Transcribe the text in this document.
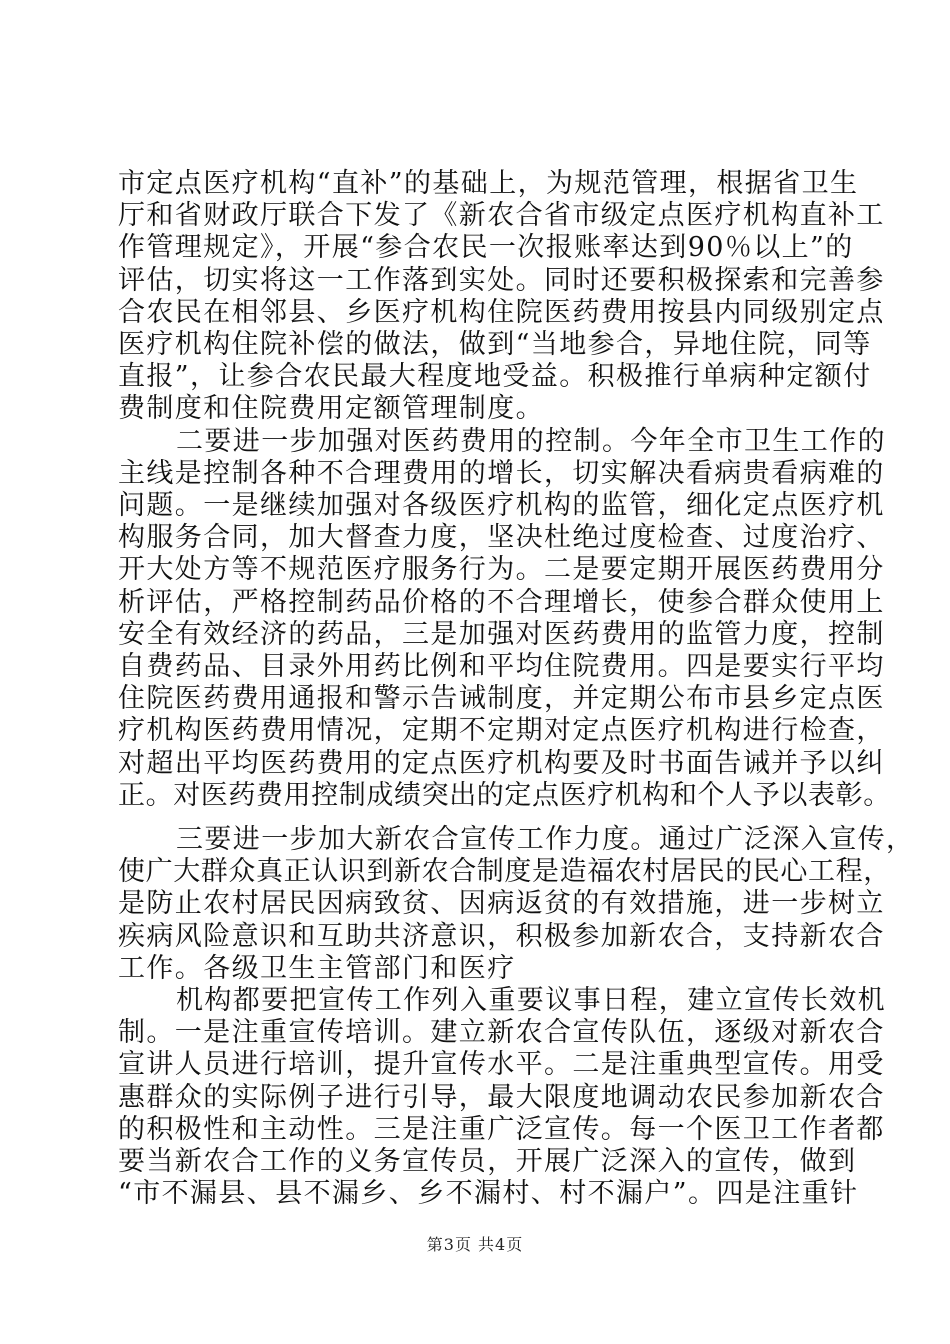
市定点医疗机构“直补”的基础上，为规范管理，根据省卫生
厅和省财政厅联合下发了《新农合省市级定点医疗机构直补工
作管理规定》，开展“参合农民一次报账率达到90％以上”的
评估，切实将这一工作落到实处。同时还要积极探索和完善参
合农民在相邻县、乡医疗机构住院医药费用按县内同级别定点
医疗机构住院补偿的做法，做到“当地参合，异地住院，同等
直报”，让参合农民最大程度地受益。积极推行单病种定额付
费制度和住院费用定额管理制度。
二要进一步加强对医药费用的控制。今年全市卫生工作的
主线是控制各种不合理费用的增长，切实解决看病贵看病难的
问题。一是继续加强对各级医疗机构的监管，细化定点医疗机
构服务合同，加大督查力度，坚决杜绝过度检查、过度治疗、
开大处方等不规范医疗服务行为。二是要定期开展医药费用分
析评估，严格控制药品价格的不合理增长，使参合群众使用上
安全有效经济的药品，三是加强对医药费用的监管力度，控制
自费药品、目录外用药比例和平均住院费用。四是要实行平均
住院医药费用通报和警示告诫制度，并定期公布市县乡定点医
疗机构医药费用情况，定期不定期对定点医疗机构进行检查，
对超出平均医药费用的定点医疗机构要及时书面告诫并予以纠
正。对医药费用控制成绩突出的定点医疗机构和个人予以表彰。
三要进一步加大新农合宣传工作力度。通过广泛深入宣传，
使广大群众真正认识到新农合制度是造福农村居民的民心工程，
是防止农村居民因病致贫、因病返贫的有效措施，进一步树立
疾病风险意识和互助共济意识，积极参加新农合，支持新农合
工作。各级卫生主管部门和医疗
机构都要把宣传工作列入重要议事日程，建立宣传长效机
制。一是注重宣传培训。建立新农合宣传队伍，逐级对新农合
宣讲人员进行培训，提升宣传水平。二是注重典型宣传。用受
惠群众的实际例子进行引导，最大限度地调动农民参加新农合
的积极性和主动性。三是注重广泛宣传。每一个医卫工作者都
要当新农合工作的义务宣传员，开展广泛深入的宣传，做到
“市不漏县、县不漏乡、乡不漏村、村不漏户”。四是注重针
第3页 共4页
